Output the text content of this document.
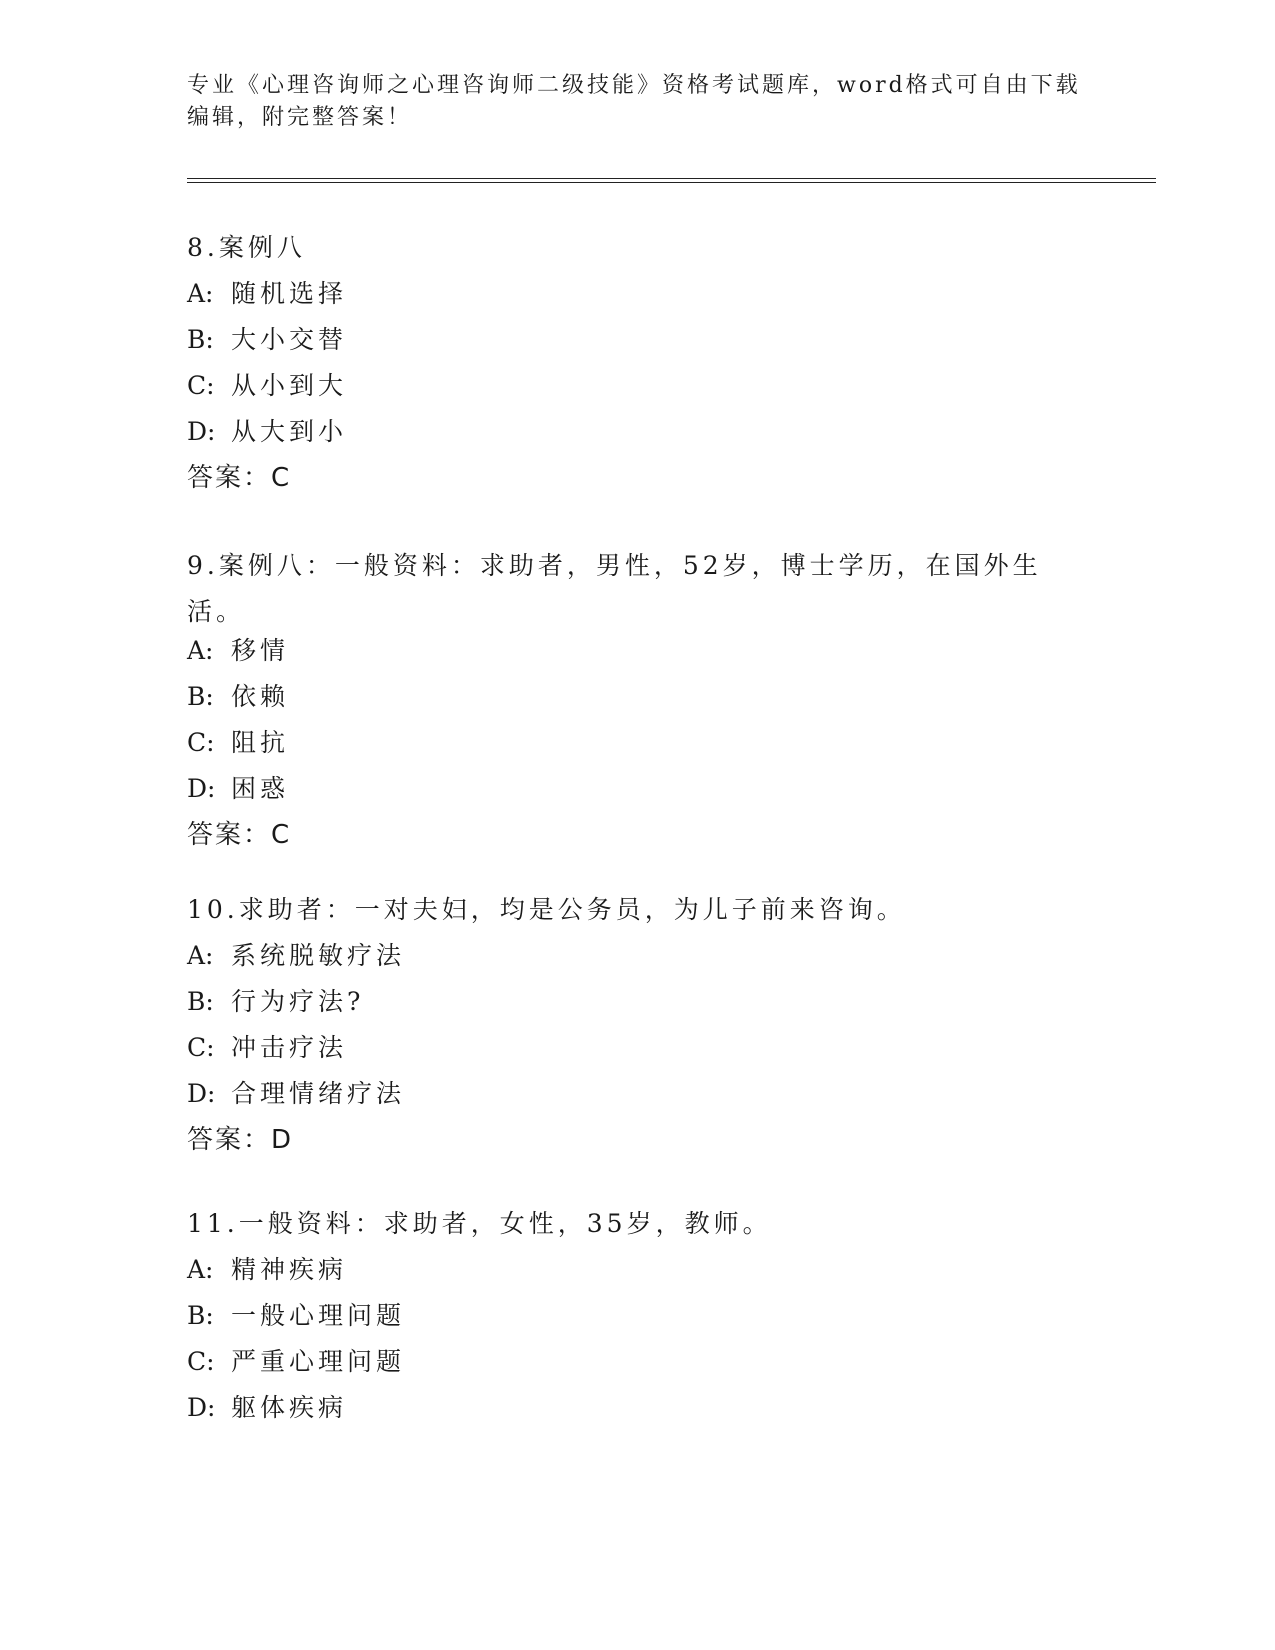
专业《心理咨询师之心理咨询师二级技能》资格考试题库，word格式可自由下载
编辑，附完整答案！
8.案例八
A: 随机选择
B: 大小交替
C: 从小到大
D: 从大到小
答案：C
9.案例八：一般资料：求助者，男性，52岁，博士学历，在国外生活。
A: 移情
B: 依赖
C: 阻抗
D: 困惑
答案：C
10.求助者：一对夫妇，均是公务员，为儿子前来咨询。
A: 系统脱敏疗法
B: 行为疗法?
C: 冲击疗法
D: 合理情绪疗法
答案：D
11.一般资料：求助者，女性，35岁，教师。
A: 精神疾病
B: 一般心理问题
C: 严重心理问题
D: 躯体疾病
